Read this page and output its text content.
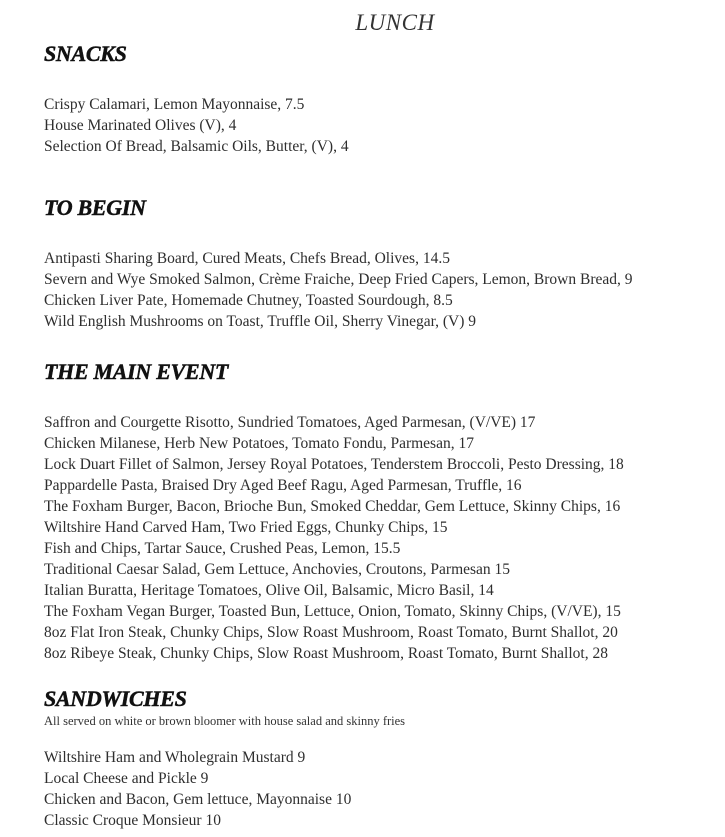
LUNCH
SNACKS
Crispy Calamari, Lemon Mayonnaise, 7.5
House Marinated Olives (V), 4
Selection Of Bread, Balsamic Oils, Butter, (V), 4
TO BEGIN
Antipasti Sharing Board, Cured Meats, Chefs Bread, Olives, 14.5
Severn and Wye Smoked Salmon, Crème Fraiche, Deep Fried Capers, Lemon, Brown Bread, 9
Chicken Liver Pate, Homemade Chutney, Toasted Sourdough, 8.5
Wild English Mushrooms on Toast, Truffle Oil, Sherry Vinegar, (V) 9
THE MAIN EVENT
Saffron and Courgette Risotto, Sundried Tomatoes, Aged Parmesan, (V/VE) 17
Chicken Milanese, Herb New Potatoes, Tomato Fondu, Parmesan, 17
Lock Duart Fillet of Salmon, Jersey Royal Potatoes, Tenderstem Broccoli, Pesto Dressing, 18
Pappardelle Pasta, Braised Dry Aged Beef Ragu, Aged Parmesan, Truffle, 16
The Foxham Burger, Bacon, Brioche Bun, Smoked Cheddar, Gem Lettuce, Skinny Chips, 16
Wiltshire Hand Carved Ham, Two Fried Eggs, Chunky Chips, 15
Fish and Chips, Tartar Sauce, Crushed Peas, Lemon, 15.5
Traditional Caesar Salad, Gem Lettuce, Anchovies, Croutons, Parmesan 15
Italian Buratta, Heritage Tomatoes, Olive Oil, Balsamic, Micro Basil, 14
The Foxham Vegan Burger, Toasted Bun, Lettuce, Onion, Tomato, Skinny Chips, (V/VE), 15
8oz Flat Iron Steak, Chunky Chips, Slow Roast Mushroom, Roast Tomato, Burnt Shallot, 20
8oz Ribeye Steak, Chunky Chips, Slow Roast Mushroom, Roast Tomato, Burnt Shallot, 28
SANDWICHES

All served on white or brown bloomer with house salad and skinny fries

Wiltshire Ham and Wholegrain Mustard 9
Local Cheese and Pickle 9
Chicken and Bacon, Gem lettuce, Mayonnaise 10
Classic Croque Monsieur 10
